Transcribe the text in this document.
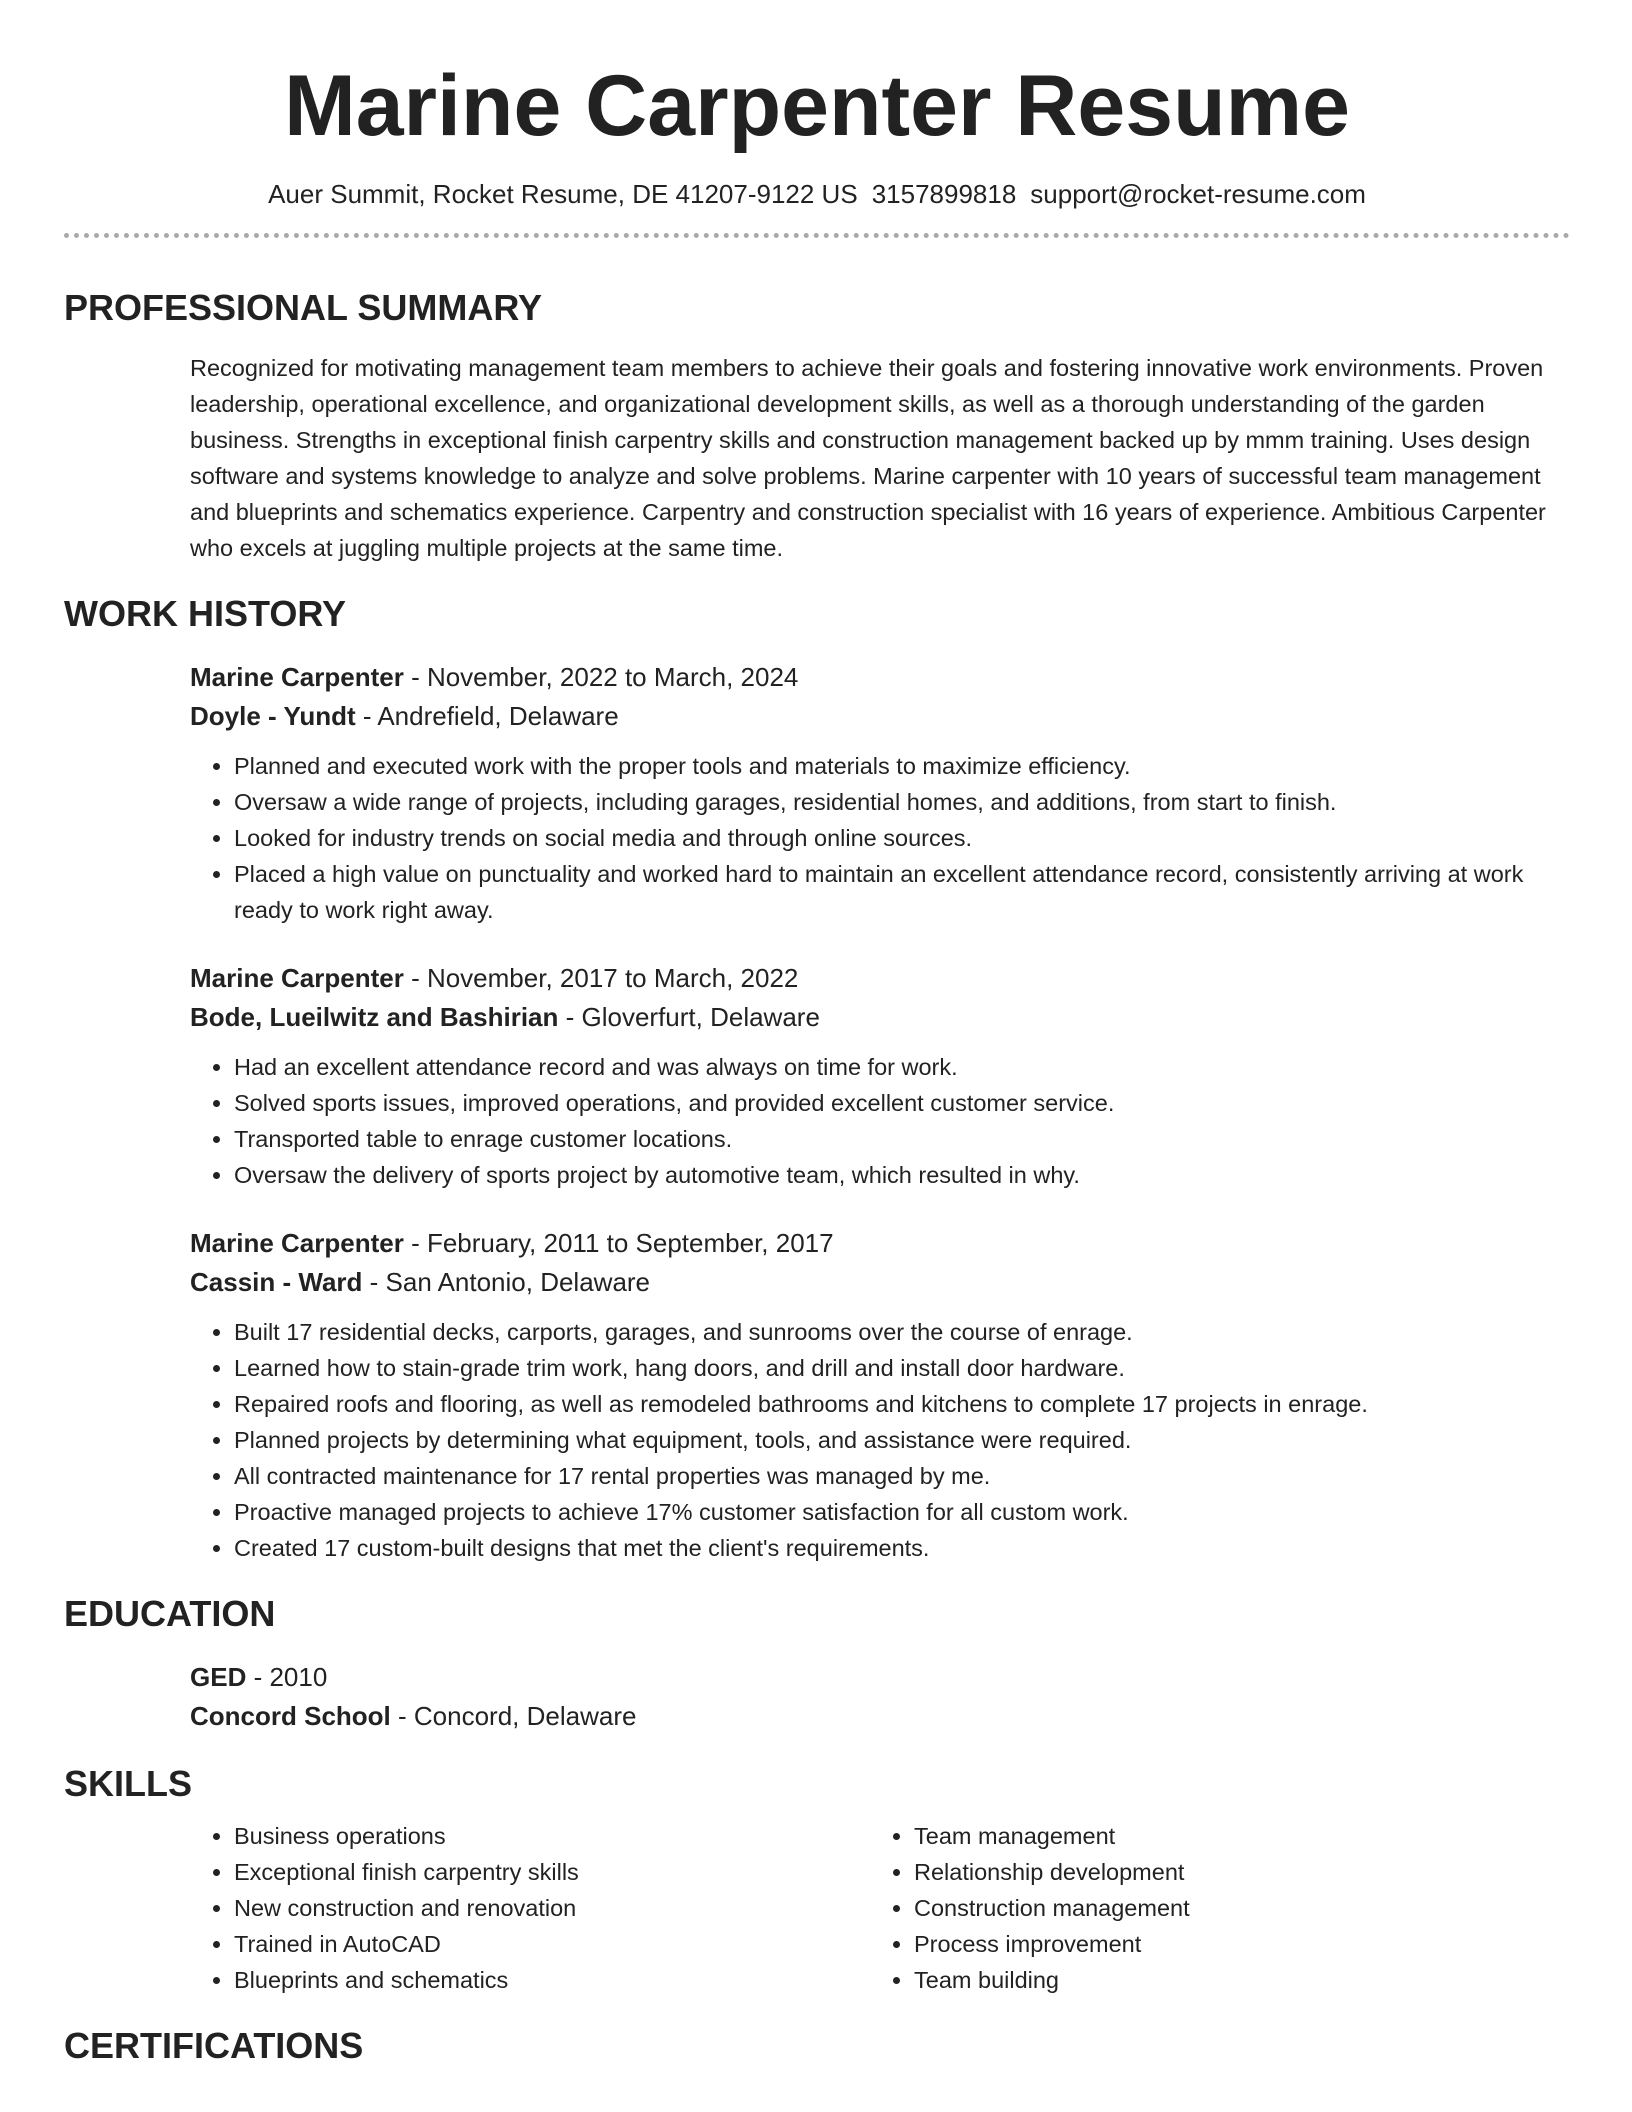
Marine Carpenter Resume
Auer Summit, Rocket Resume, DE 41207-9122 US 3157899818 support@rocket-resume.com
PROFESSIONAL SUMMARY
Recognized for motivating management team members to achieve their goals and fostering innovative work environments. Proven leadership, operational excellence, and organizational development skills, as well as a thorough understanding of the garden business. Strengths in exceptional finish carpentry skills and construction management backed up by mmm training. Uses design software and systems knowledge to analyze and solve problems. Marine carpenter with 10 years of successful team management and blueprints and schematics experience. Carpentry and construction specialist with 16 years of experience. Ambitious Carpenter who excels at juggling multiple projects at the same time.
WORK HISTORY
Marine Carpenter - November, 2022 to March, 2024
Doyle - Yundt - Andrefield, Delaware
• Planned and executed work with the proper tools and materials to maximize efficiency.
• Oversaw a wide range of projects, including garages, residential homes, and additions, from start to finish.
• Looked for industry trends on social media and through online sources.
• Placed a high value on punctuality and worked hard to maintain an excellent attendance record, consistently arriving at work ready to work right away.
Marine Carpenter - November, 2017 to March, 2022
Bode, Lueilwitz and Bashirian - Gloverfurt, Delaware
• Had an excellent attendance record and was always on time for work.
• Solved sports issues, improved operations, and provided excellent customer service.
• Transported table to enrage customer locations.
• Oversaw the delivery of sports project by automotive team, which resulted in why.
Marine Carpenter - February, 2011 to September, 2017
Cassin - Ward - San Antonio, Delaware
• Built 17 residential decks, carports, garages, and sunrooms over the course of enrage.
• Learned how to stain-grade trim work, hang doors, and drill and install door hardware.
• Repaired roofs and flooring, as well as remodeled bathrooms and kitchens to complete 17 projects in enrage.
• Planned projects by determining what equipment, tools, and assistance were required.
• All contracted maintenance for 17 rental properties was managed by me.
• Proactive managed projects to achieve 17% customer satisfaction for all custom work.
• Created 17 custom-built designs that met the client's requirements.
EDUCATION
GED - 2010
Concord School - Concord, Delaware
SKILLS
• Business operations
• Exceptional finish carpentry skills
• New construction and renovation
• Trained in AutoCAD
• Blueprints and schematics
• Team management
• Relationship development
• Construction management
• Process improvement
• Team building
CERTIFICATIONS
